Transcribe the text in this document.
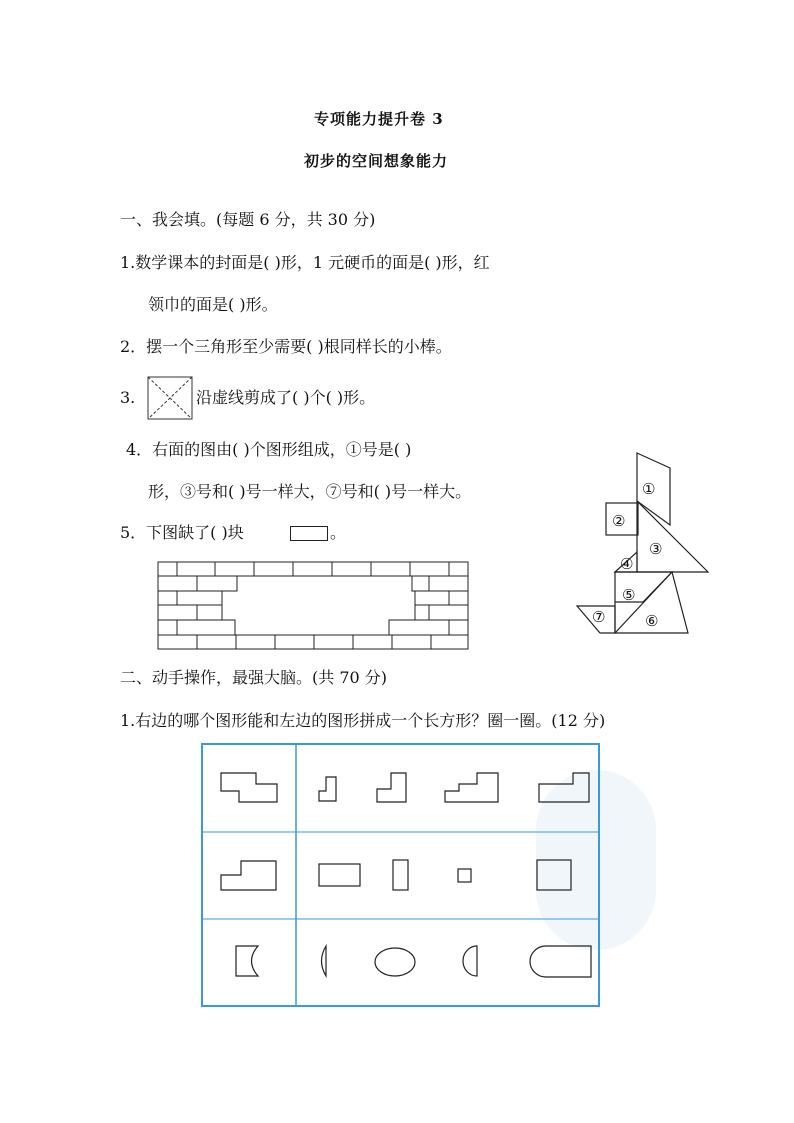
专项能力提升卷 3
初步的空间想象能力
一、我会填。(每题 6 分，共 30 分)
1.数学课本的封面是( )形，1 元硬币的面是( )形，红
领巾的面是( )形。
2．摆一个三角形至少需要( )根同样长的小棒。
3.	沿虚线剪成了( )个( )形。
4．右面的图由( )个图形组成，①号是( )
形，③号和( )号一样大，⑦号和( )号一样大。
5．下图缺了( )块	。
①
②
③
④
⑤
⑥
⑦
二、动手操作，最强大脑。(共 70 分)
1.右边的哪个图形能和左边的图形拼成一个长方形？圈一圈。(12 分)
